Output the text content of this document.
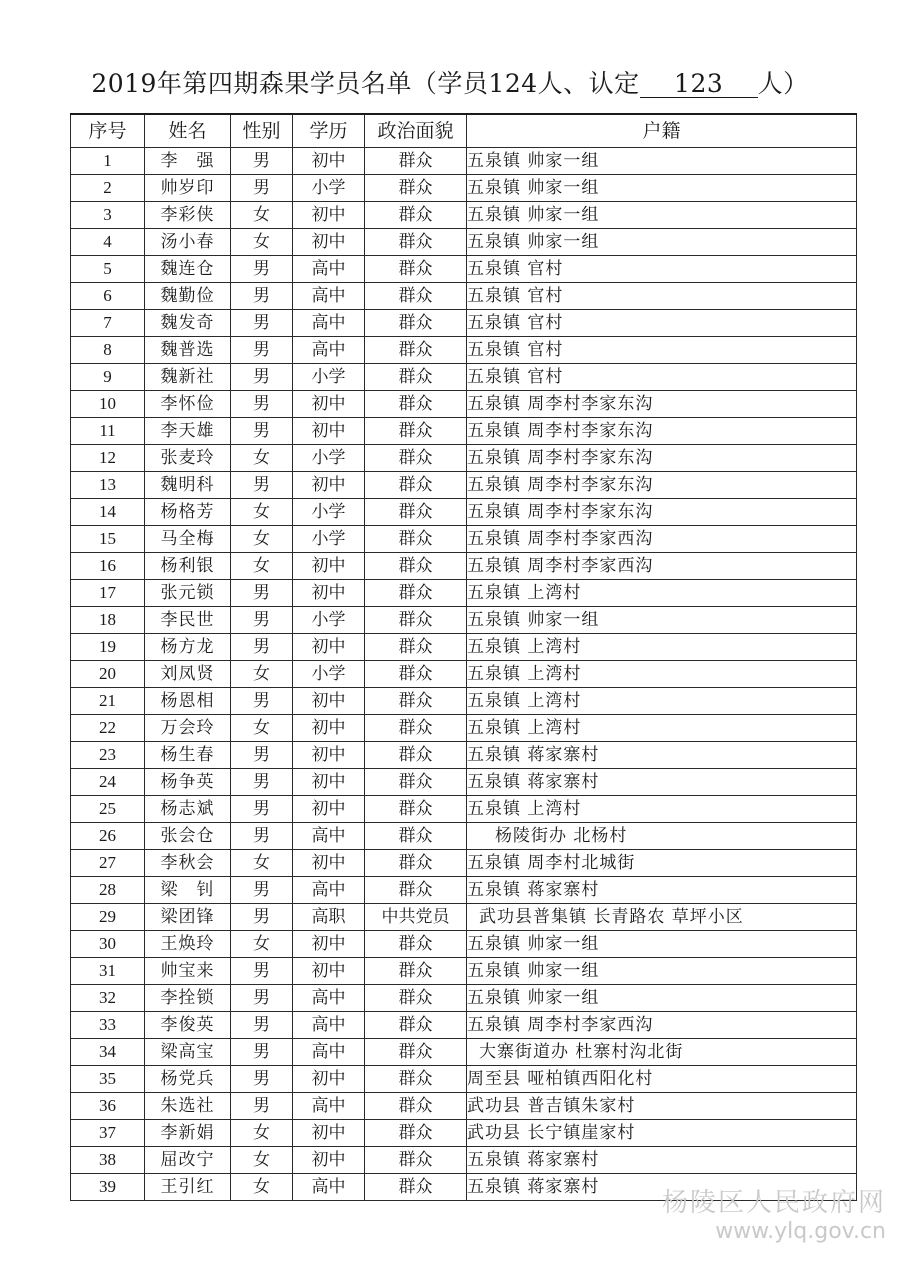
2019年第四期森果学员名单（学员124人、认定 123 人）
序号	姓名	性别	学历	政治面貌	户籍
1	李　强	男	初中	群众	五泉镇 帅家一组
2	帅岁印	男	小学	群众	五泉镇 帅家一组
3	李彩侠	女	初中	群众	五泉镇 帅家一组
4	汤小春	女	初中	群众	五泉镇 帅家一组
5	魏连仓	男	高中	群众	五泉镇 官村
6	魏勤俭	男	高中	群众	五泉镇 官村
7	魏发奇	男	高中	群众	五泉镇 官村
8	魏普选	男	高中	群众	五泉镇 官村
9	魏新社	男	小学	群众	五泉镇 官村
10	李怀俭	男	初中	群众	五泉镇 周李村李家东沟
11	李天雄	男	初中	群众	五泉镇 周李村李家东沟
12	张麦玲	女	小学	群众	五泉镇 周李村李家东沟
13	魏明科	男	初中	群众	五泉镇 周李村李家东沟
14	杨格芳	女	小学	群众	五泉镇 周李村李家东沟
15	马全梅	女	小学	群众	五泉镇 周李村李家西沟
16	杨利银	女	初中	群众	五泉镇 周李村李家西沟
17	张元锁	男	初中	群众	五泉镇 上湾村
18	李民世	男	小学	群众	五泉镇 帅家一组
19	杨方龙	男	初中	群众	五泉镇 上湾村
20	刘凤贤	女	小学	群众	五泉镇 上湾村
21	杨恩相	男	初中	群众	五泉镇 上湾村
22	万会玲	女	初中	群众	五泉镇 上湾村
23	杨生春	男	初中	群众	五泉镇 蒋家寨村
24	杨争英	男	初中	群众	五泉镇 蒋家寨村
25	杨志斌	男	初中	群众	五泉镇 上湾村
26	张会仓	男	高中	群众	杨陵街办 北杨村
27	李秋会	女	初中	群众	五泉镇 周李村北城街
28	梁　钊	男	高中	群众	五泉镇 蒋家寨村
29	梁团锋	男	高职	中共党员	武功县普集镇 长青路农 草坪小区
30	王焕玲	女	初中	群众	五泉镇 帅家一组
31	帅宝来	男	初中	群众	五泉镇 帅家一组
32	李拴锁	男	高中	群众	五泉镇 帅家一组
33	李俊英	男	高中	群众	五泉镇 周李村李家西沟
34	梁高宝	男	高中	群众	大寨街道办 杜寨村沟北街
35	杨党兵	男	初中	群众	周至县 哑柏镇西阳化村
36	朱选社	男	高中	群众	武功县 普吉镇朱家村
37	李新娟	女	初中	群众	武功县 长宁镇崖家村
38	屈改宁	女	初中	群众	五泉镇 蒋家寨村
39	王引红	女	高中	群众	五泉镇 蒋家寨村
杨陵区人民政府网
www.ylq.gov.cn
